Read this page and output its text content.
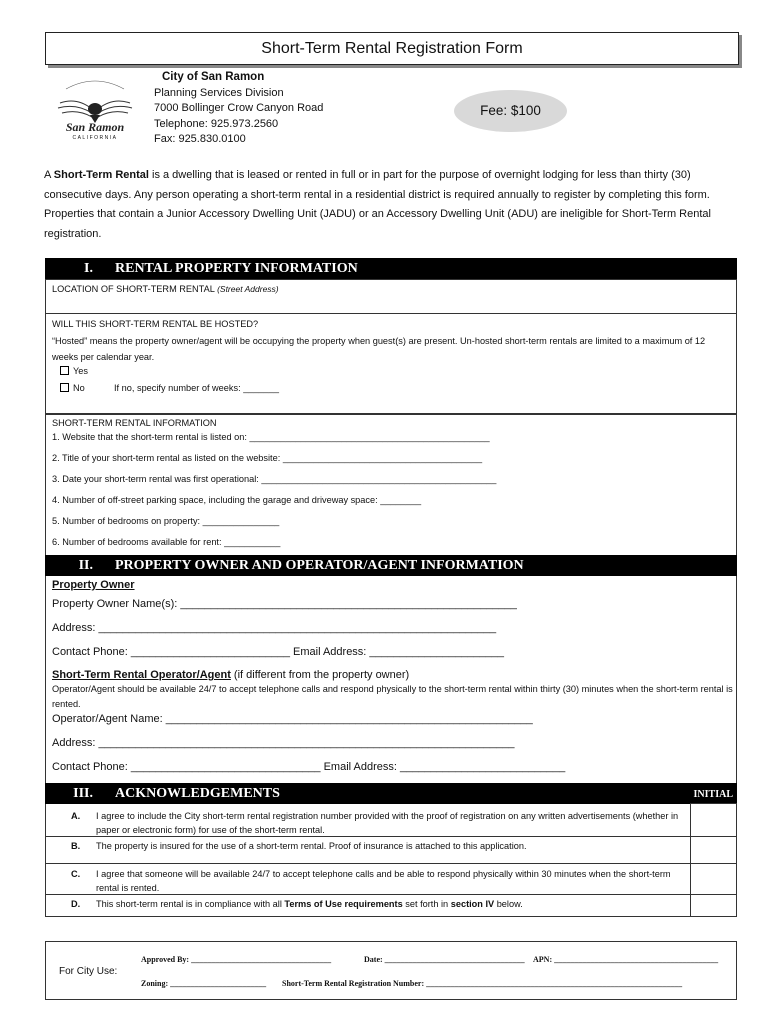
Short-Term Rental Registration Form
San Ramon
CALIFORNIA
City of San Ramon
Planning Services Division
7000 Bollinger Crow Canyon Road
Telephone: 925.973.2560
Fax: 925.830.0100
Fee: $100
A Short-Term Rental is a dwelling that is leased or rented in full or in part for the purpose of overnight lodging for less than thirty (30) consecutive days. Any person operating a short-term rental in a residential district is required annually to register by completing this form. Properties that contain a Junior Accessory Dwelling Unit (JADU) or an Accessory Dwelling Unit (ADU) are ineligible for Short-Term Rental registration.
I. RENTAL PROPERTY INFORMATION
LOCATION OF SHORT-TERM RENTAL (Street Address)
WILL THIS SHORT-TERM RENTAL BE HOSTED?
“Hosted” means the property owner/agent will be occupying the property when guest(s) are present. Un-hosted short-term rentals are limited to a maximum of 12 weeks per calendar year.
Yes
No	If no, specify number of weeks: _______
SHORT-TERM RENTAL INFORMATION
1. Website that the short-term rental is listed on: _______________________________________________
2. Title of your short-term rental as listed on the website: _______________________________________
3. Date your short-term rental was first operational: ______________________________________________
4. Number of off-street parking space, including the garage and driveway space: ________
5. Number of bedrooms on property: _______________
6. Number of bedrooms available for rent: ___________
II. PROPERTY OWNER AND OPERATOR/AGENT INFORMATION
Property Owner
Property Owner Name(s): _______________________________________________________
Address: _________________________________________________________________
Contact Phone: __________________________ Email Address: ______________________
Short-Term Rental Operator/Agent (if different from the property owner)
Operator/Agent should be available 24/7 to accept telephone calls and respond physically to the short-term rental within thirty (30) minutes when the short-term rental is rented.
Operator/Agent Name: ____________________________________________________________
Address: ____________________________________________________________________
Contact Phone: _______________________________ Email Address: ___________________________
III. ACKNOWLEDGEMENTS	INITIAL
A. I agree to include the City short-term rental registration number provided with the proof of registration on any written advertisements (whether in paper or electronic form) for use of the short-term rental.
B. The property is insured for the use of a short-term rental. Proof of insurance is attached to this application.
C. I agree that someone will be available 24/7 to accept telephone calls and be able to respond physically within 30 minutes when the short-term rental is rented.
D. This short-term rental is in compliance with all Terms of Use requirements set forth in section IV below.
For City Use:
Approved By: ___________________________________	Date: ___________________________________ APN: _________________________________________
Zoning: ________________________ Short-Term Rental Registration Number: ________________________________________________________________
